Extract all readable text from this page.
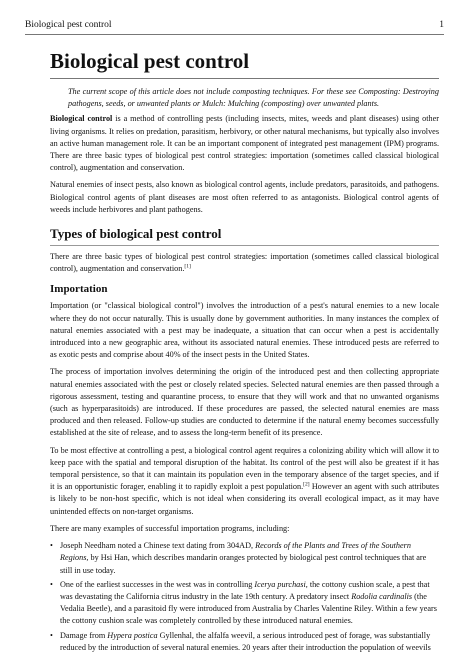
Biological pest control	1
Biological pest control
The current scope of this article does not include composting techniques. For these see Composting: Destroying pathogens, seeds, or unwanted plants or Mulch: Mulching (composting) over unwanted plants.

Biological control is a method of controlling pests (including insects, mites, weeds and plant diseases) using other living organisms. It relies on predation, parasitism, herbivory, or other natural mechanisms, but typically also involves an active human management role. It can be an important component of integrated pest management (IPM) programs. There are three basic types of biological pest control strategies: importation (sometimes called classical biological control), augmentation and conservation.

Natural enemies of insect pests, also known as biological control agents, include predators, parasitoids, and pathogens. Biological control agents of plant diseases are most often referred to as antagonists. Biological control agents of weeds include herbivores and plant pathogens.

Types of biological pest control

There are three basic types of biological pest control strategies: importation (sometimes called classical biological control), augmentation and conservation.[1]

Importation

Importation (or "classical biological control") involves the introduction of a pest's natural enemies to a new locale where they do not occur naturally. This is usually done by government authorities. In many instances the complex of natural enemies associated with a pest may be inadequate, a situation that can occur when a pest is accidentally introduced into a new geographic area, without its associated natural enemies. These introduced pests are referred to as exotic pests and comprise about 40% of the insect pests in the United States.

The process of importation involves determining the origin of the introduced pest and then collecting appropriate natural enemies associated with the pest or closely related species. Selected natural enemies are then passed through a rigorous assessment, testing and quarantine process, to ensure that they will work and that no unwanted organisms (such as hyperparasitoids) are introduced. If these procedures are passed, the selected natural enemies are mass produced and then released. Follow-up studies are conducted to determine if the natural enemy becomes successfully established at the site of release, and to assess the long-term benefit of its presence.

To be most effective at controlling a pest, a biological control agent requires a colonizing ability which will allow it to keep pace with the spatial and temporal disruption of the habitat. Its control of the pest will also be greatest if it has temporal persistence, so that it can maintain its population even in the temporary absence of the target species, and if it is an opportunistic forager, enabling it to rapidly exploit a pest population.[2] However an agent with such attributes is likely to be non-host specific, which is not ideal when considering its overall ecological impact, as it may have unintended effects on non-target organisms.

There are many examples of successful importation programs, including:

• Joseph Needham noted a Chinese text dating from 304AD, Records of the Plants and Trees of the Southern Regions, by Hsi Han, which describes mandarin oranges protected by biological pest control techniques that are still in use today.
• One of the earliest successes in the west was in controlling Icerya purchasi, the cottony cushion scale, a pest that was devastating the California citrus industry in the late 19th century. A predatory insect Rodolia cardinalis (the Vedalia Beetle), and a parasitoid fly were introduced from Australia by Charles Valentine Riley. Within a few years the cottony cushion scale was completely controlled by these introduced natural enemies.
• Damage from Hypera postica Gyllenhal, the alfalfa weevil, a serious introduced pest of forage, was substantially reduced by the introduction of several natural enemies. 20 years after their introduction the population of weevils
